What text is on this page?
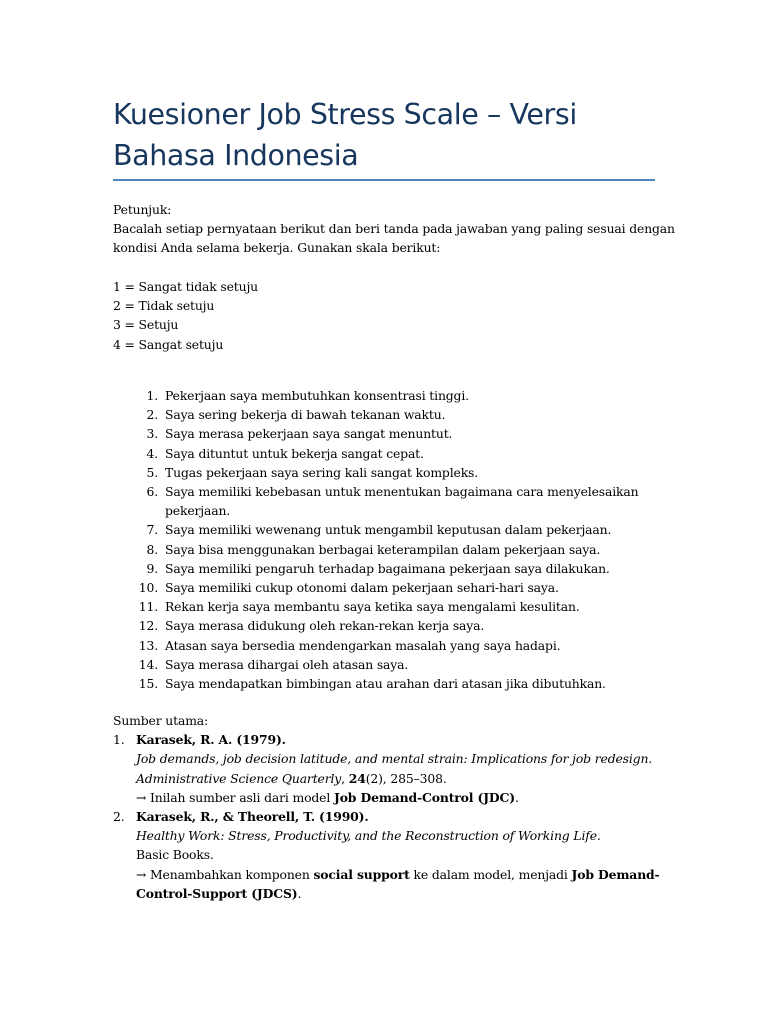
Kuesioner Job Stress Scale – Versi
Bahasa Indonesia
Petunjuk:
Bacalah setiap pernyataan berikut dan beri tanda pada jawaban yang paling sesuai dengan
kondisi Anda selama bekerja. Gunakan skala berikut:
1 = Sangat tidak setuju
2 = Tidak setuju
3 = Setuju
4 = Sangat setuju
1. Pekerjaan saya membutuhkan konsentrasi tinggi.
2. Saya sering bekerja di bawah tekanan waktu.
3. Saya merasa pekerjaan saya sangat menuntut.
4. Saya dituntut untuk bekerja sangat cepat.
5. Tugas pekerjaan saya sering kali sangat kompleks.
6. Saya memiliki kebebasan untuk menentukan bagaimana cara menyelesaikan
pekerjaan.
7. Saya memiliki wewenang untuk mengambil keputusan dalam pekerjaan.
8. Saya bisa menggunakan berbagai keterampilan dalam pekerjaan saya.
9. Saya memiliki pengaruh terhadap bagaimana pekerjaan saya dilakukan.
10. Saya memiliki cukup otonomi dalam pekerjaan sehari-hari saya.
11. Rekan kerja saya membantu saya ketika saya mengalami kesulitan.
12. Saya merasa didukung oleh rekan-rekan kerja saya.
13. Atasan saya bersedia mendengarkan masalah yang saya hadapi.
14. Saya merasa dihargai oleh atasan saya.
15. Saya mendapatkan bimbingan atau arahan dari atasan jika dibutuhkan.
Sumber utama:
1. Karasek, R. A. (1979).
Job demands, job decision latitude, and mental strain: Implications for job redesign.
Administrative Science Quarterly, 24(2), 285–308.
→ Inilah sumber asli dari model Job Demand-Control (JDC).
2. Karasek, R., & Theorell, T. (1990).
Healthy Work: Stress, Productivity, and the Reconstruction of Working Life.
Basic Books.
→ Menambahkan komponen social support ke dalam model, menjadi Job Demand-
Control-Support (JDCS).
